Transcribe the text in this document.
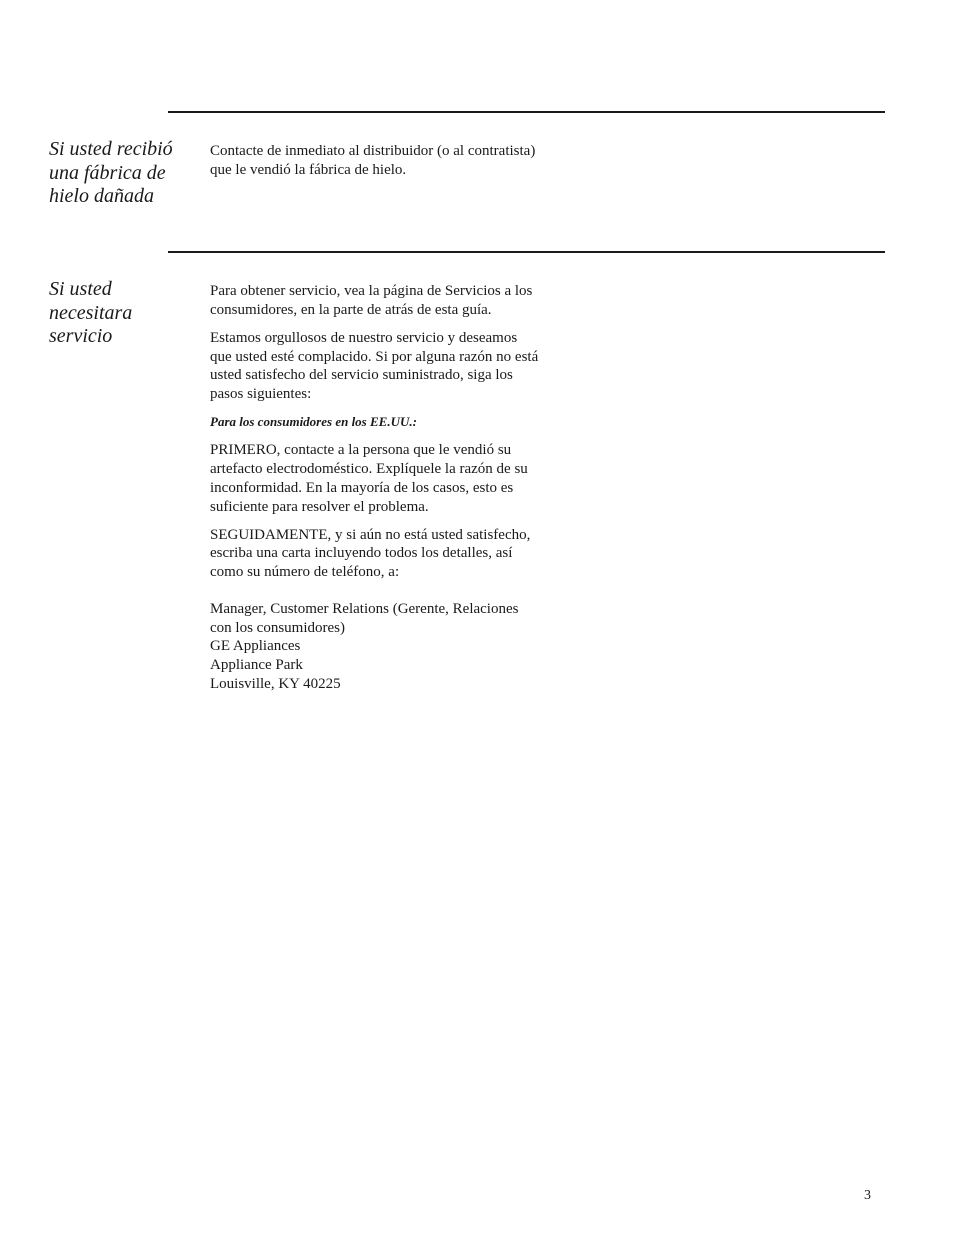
Si usted recibió una fábrica de hielo dañada

Contacte de inmediato al distribuidor (o al contratista) que le vendió la fábrica de hielo.

Si usted necesitara servicio

Para obtener servicio, vea la página de Servicios a los consumidores, en la parte de atrás de esta guía.

Estamos orgullosos de nuestro servicio y deseamos que usted esté complacido. Si por alguna razón no está usted satisfecho del servicio suministrado, siga los pasos siguientes:

Para los consumidores en los EE.UU.:

PRIMERO, contacte a la persona que le vendió su artefacto electrodoméstico. Explíquele la razón de su inconformidad. En la mayoría de los casos, esto es suficiente para resolver el problema.

SEGUIDAMENTE, y si aún no está usted satisfecho, escriba una carta incluyendo todos los detalles, así como su número de teléfono, a:

Manager, Customer Relations (Gerente, Relaciones con los consumidores)
GE Appliances
Appliance Park
Louisville, KY 40225
3
